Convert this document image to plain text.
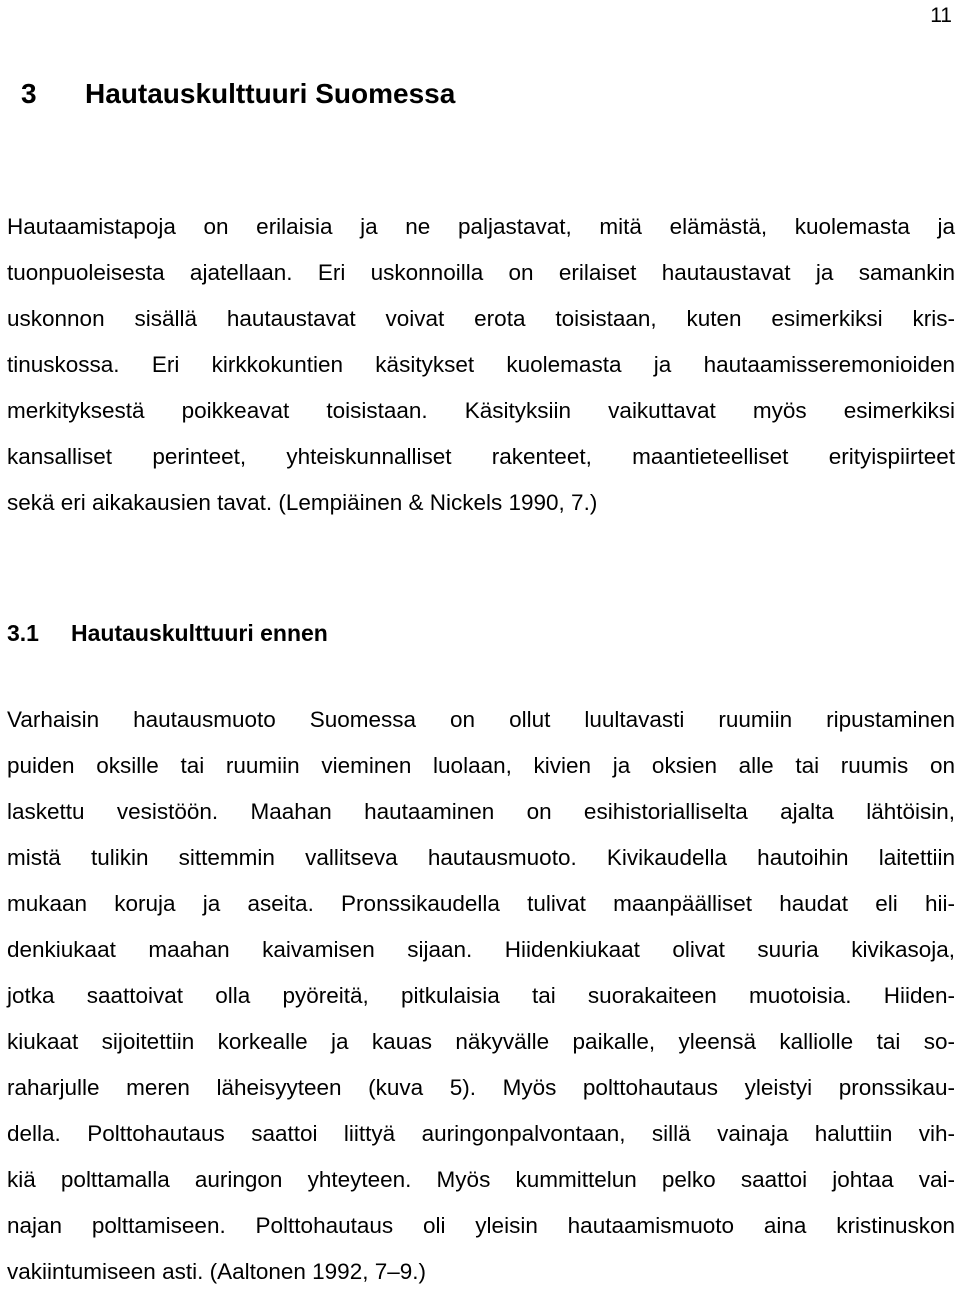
11
3 Hautauskulttuuri Suomessa
Hautaamistapoja on erilaisia ja ne paljastavat, mitä elämästä, kuolemasta ja
tuonpuoleisesta ajatellaan. Eri uskonnoilla on erilaiset hautaustavat ja samankin
uskonnon sisällä hautaustavat voivat erota toisistaan, kuten esimerkiksi kris-
tinuskossa. Eri kirkkokuntien käsitykset kuolemasta ja hautaamisseremonioiden
merkityksestä poikkeavat toisistaan. Käsityksiin vaikuttavat myös esimerkiksi
kansalliset perinteet, yhteiskunnalliset rakenteet, maantieteelliset erityispiirteet
sekä eri aikakausien tavat. (Lempiäinen & Nickels 1990, 7.)
3.1 Hautauskulttuuri ennen
Varhaisin hautausmuoto Suomessa on ollut luultavasti ruumiin ripustaminen
puiden oksille tai ruumiin vieminen luolaan, kivien ja oksien alle tai ruumis on
laskettu vesistöön. Maahan hautaaminen on esihistorialliselta ajalta lähtöisin,
mistä tulikin sittemmin vallitseva hautausmuoto. Kivikaudella hautoihin laitettiin
mukaan koruja ja aseita. Pronssikaudella tulivat maanpäälliset haudat eli hii-
denkiukaat maahan kaivamisen sijaan. Hiidenkiukaat olivat suuria kivikasoja,
jotka saattoivat olla pyöreitä, pitkulaisia tai suorakaiteen muotoisia. Hiiden-
kiukaat sijoitettiin korkealle ja kauas näkyvälle paikalle, yleensä kalliolle tai so-
raharjulle meren läheisyyteen (kuva 5). Myös polttohautaus yleistyi pronssikau-
della. Polttohautaus saattoi liittyä auringonpalvontaan, sillä vainaja haluttiin vih-
kiä polttamalla auringon yhteyteen. Myös kummittelun pelko saattoi johtaa vai-
najan polttamiseen. Polttohautaus oli yleisin hautaamismuoto aina kristinuskon
vakiintumiseen asti. (Aaltonen 1992, 7–9.)
